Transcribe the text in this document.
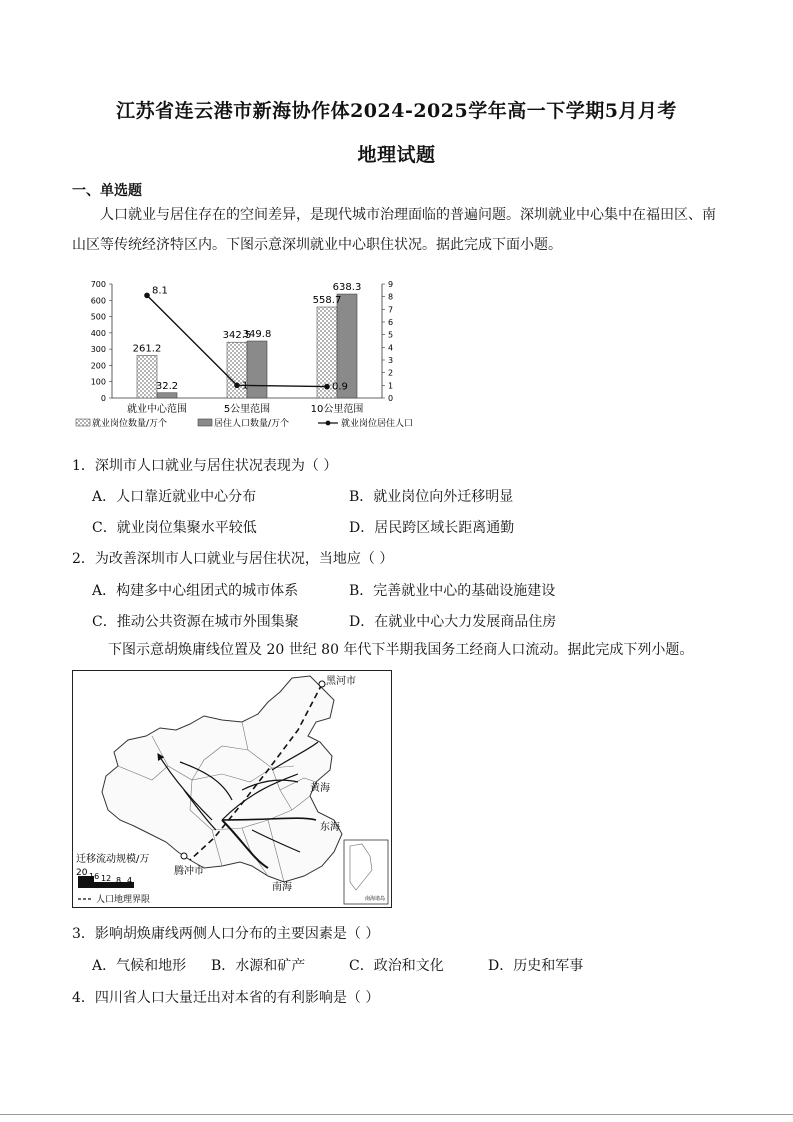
江苏省连云港市新海协作体2024-2025学年高一下学期5月月考
地理试题
一、单选题
人口就业与居住存在的空间差异，是现代城市治理面临的普遍问题。深圳就业中心集中在福田区、南
山区等传统经济特区内。下图示意深圳就业中心职住状况。据此完成下面小题。
0
100
200
300
400
500
600
700
0
1
2
3
4
5
6
7
8
9
261.2
32.2
就业中心范围
342.5
349.8
5公里范围
558.7
638.3
10公里范围
8.1
1	0.9
就业岗位数量/万个	居住人口数量/万个	就业岗位居住人口
1．深圳市人口就业与居住状况表现为（ ）
A．人口靠近就业中心分布	B．就业岗位向外迁移明显
C．就业岗位集聚水平较低	D．居民跨区域长距离通勤
2．为改善深圳市人口就业与居住状况，当地应（ ）
A．构建多中心组团式的城市体系	B．完善就业中心的基础设施建设
C．推动公共资源在城市外围集聚	D．在就业中心大力发展商品住房
下图示意胡焕庸线位置及 20 世纪 80 年代下半期我国务工经商人口流动。据此完成下列小题。
黑河市
黄海
东海
南海
腾冲市
迁移流动规模/万
20 16 12 8 4
人口地理界限	南海诸岛
3．影响胡焕庸线两侧人口分布的主要因素是（ ）
A．气候和地形 B．水源和矿产	C．政治和文化	D．历史和军事
4．四川省人口大量迁出对本省的有利影响是（ ）
